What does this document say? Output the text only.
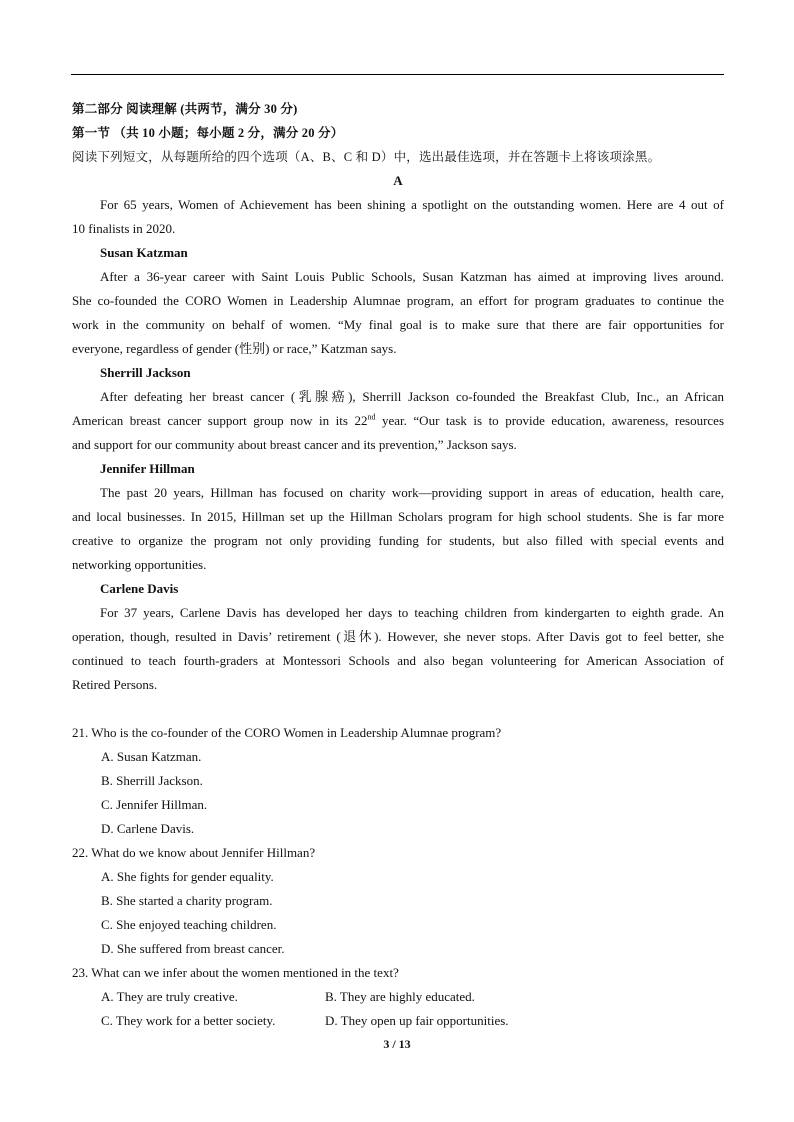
第二部分 阅读理解 (共两节，满分 30 分)
第一节 （共 10 小题；每小题 2 分，满分 20 分）
阅读下列短文，从每题所给的四个选项（A、B、C 和 D）中，选出最佳选项，并在答题卡上将该项涂黑。
A
For 65 years, Women of Achievement has been shining a spotlight on the outstanding women. Here are 4 out of
10 finalists in 2020.
Susan Katzman
After a 36-year career with Saint Louis Public Schools, Susan Katzman has aimed at improving lives around.
She co-founded the CORO Women in Leadership Alumnae program, an effort for program graduates to continue the
work in the community on behalf of women. “My final goal is to make sure that there are fair opportunities for
everyone, regardless of gender (性别) or race,” Katzman says.
Sherrill Jackson
After defeating her breast cancer (乳腺癌), Sherrill Jackson co-founded the Breakfast Club, Inc., an African
American breast cancer support group now in its 22nd year. “Our task is to provide education, awareness, resources
and support for our community about breast cancer and its prevention,” Jackson says.
Jennifer Hillman
The past 20 years, Hillman has focused on charity work—providing support in areas of education, health care,
and local businesses. In 2015, Hillman set up the Hillman Scholars program for high school students. She is far more
creative to organize the program not only providing funding for students, but also filled with special events and
networking opportunities.
Carlene Davis
For 37 years, Carlene Davis has developed her days to teaching children from kindergarten to eighth grade. An
operation, though, resulted in Davis’ retirement (退休). However, she never stops. After Davis got to feel better, she
continued to teach fourth-graders at Montessori Schools and also began volunteering for American Association of
Retired Persons.
21. Who is the co-founder of the CORO Women in Leadership Alumnae program?
A. Susan Katzman.
B. Sherrill Jackson.
C. Jennifer Hillman.
D. Carlene Davis.
22. What do we know about Jennifer Hillman?
A. She fights for gender equality.
B. She started a charity program.
C. She enjoyed teaching children.
D. She suffered from breast cancer.
23. What can we infer about the women mentioned in the text?
A. They are truly creative.	B. They are highly educated.
C. They work for a better society.	D. They open up fair opportunities.
3 / 13
